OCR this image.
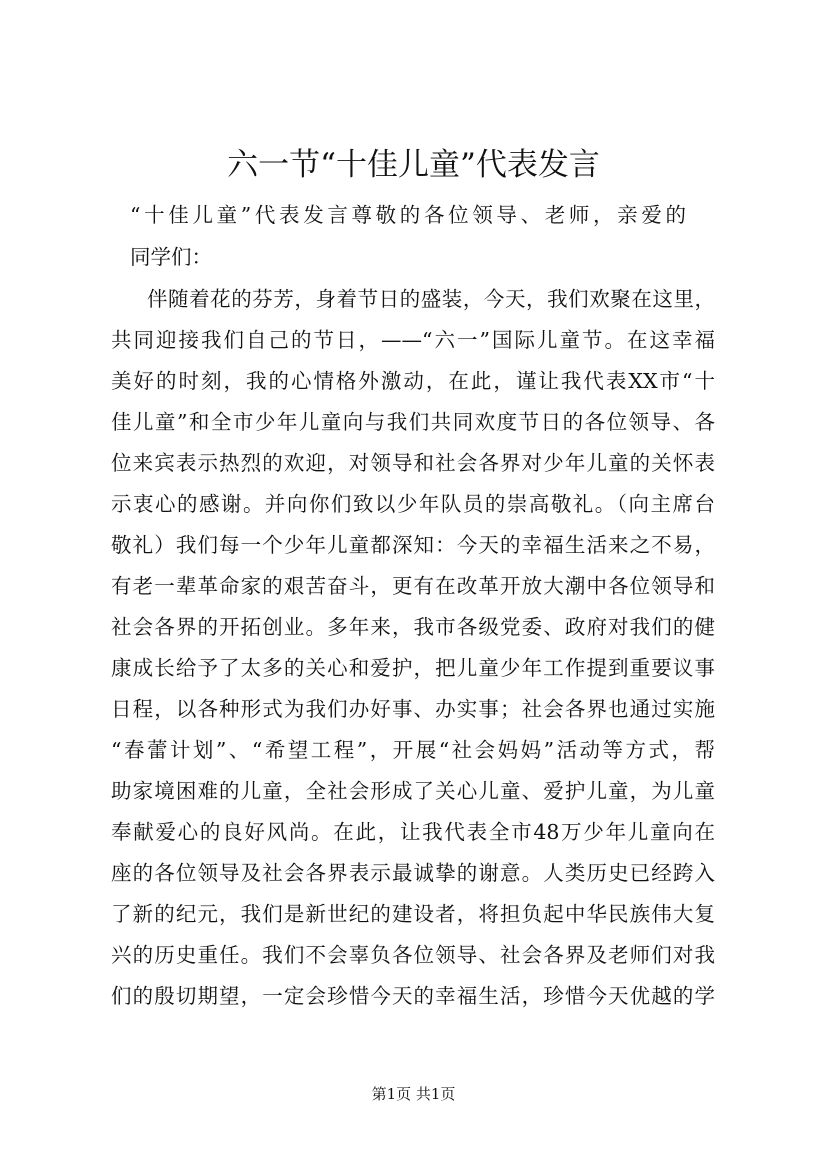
六一节“十佳儿童”代表发言

“十佳儿童”代表发言尊敬的各位领导、老师，亲爱的

同学们：

伴随着花的芬芳，身着节日的盛装，今天，我们欢聚在这里，

共同迎接我们自己的节日，——“六一”国际儿童节。在这幸福

美好的时刻，我的心情格外激动，在此，谨让我代表XX市“十

佳儿童”和全市少年儿童向与我们共同欢度节日的各位领导、各

位来宾表示热烈的欢迎，对领导和社会各界对少年儿童的关怀表

示衷心的感谢。并向你们致以少年队员的崇高敬礼。（向主席台

敬礼）我们每一个少年儿童都深知：今天的幸福生活来之不易，

有老一辈革命家的艰苦奋斗，更有在改革开放大潮中各位领导和

社会各界的开拓创业。多年来，我市各级党委、政府对我们的健

康成长给予了太多的关心和爱护，把儿童少年工作提到重要议事

日程，以各种形式为我们办好事、办实事；社会各界也通过实施

“春蕾计划”、“希望工程”，开展“社会妈妈”活动等方式，帮

助家境困难的儿童，全社会形成了关心儿童、爱护儿童，为儿童

奉献爱心的良好风尚。在此，让我代表全市48万少年儿童向在

座的各位领导及社会各界表示最诚挚的谢意。人类历史已经跨入

了新的纪元，我们是新世纪的建设者，将担负起中华民族伟大复

兴的历史重任。我们不会辜负各位领导、社会各界及老师们对我

们的殷切期望，一定会珍惜今天的幸福生活，珍惜今天优越的学

第1页 共1页
